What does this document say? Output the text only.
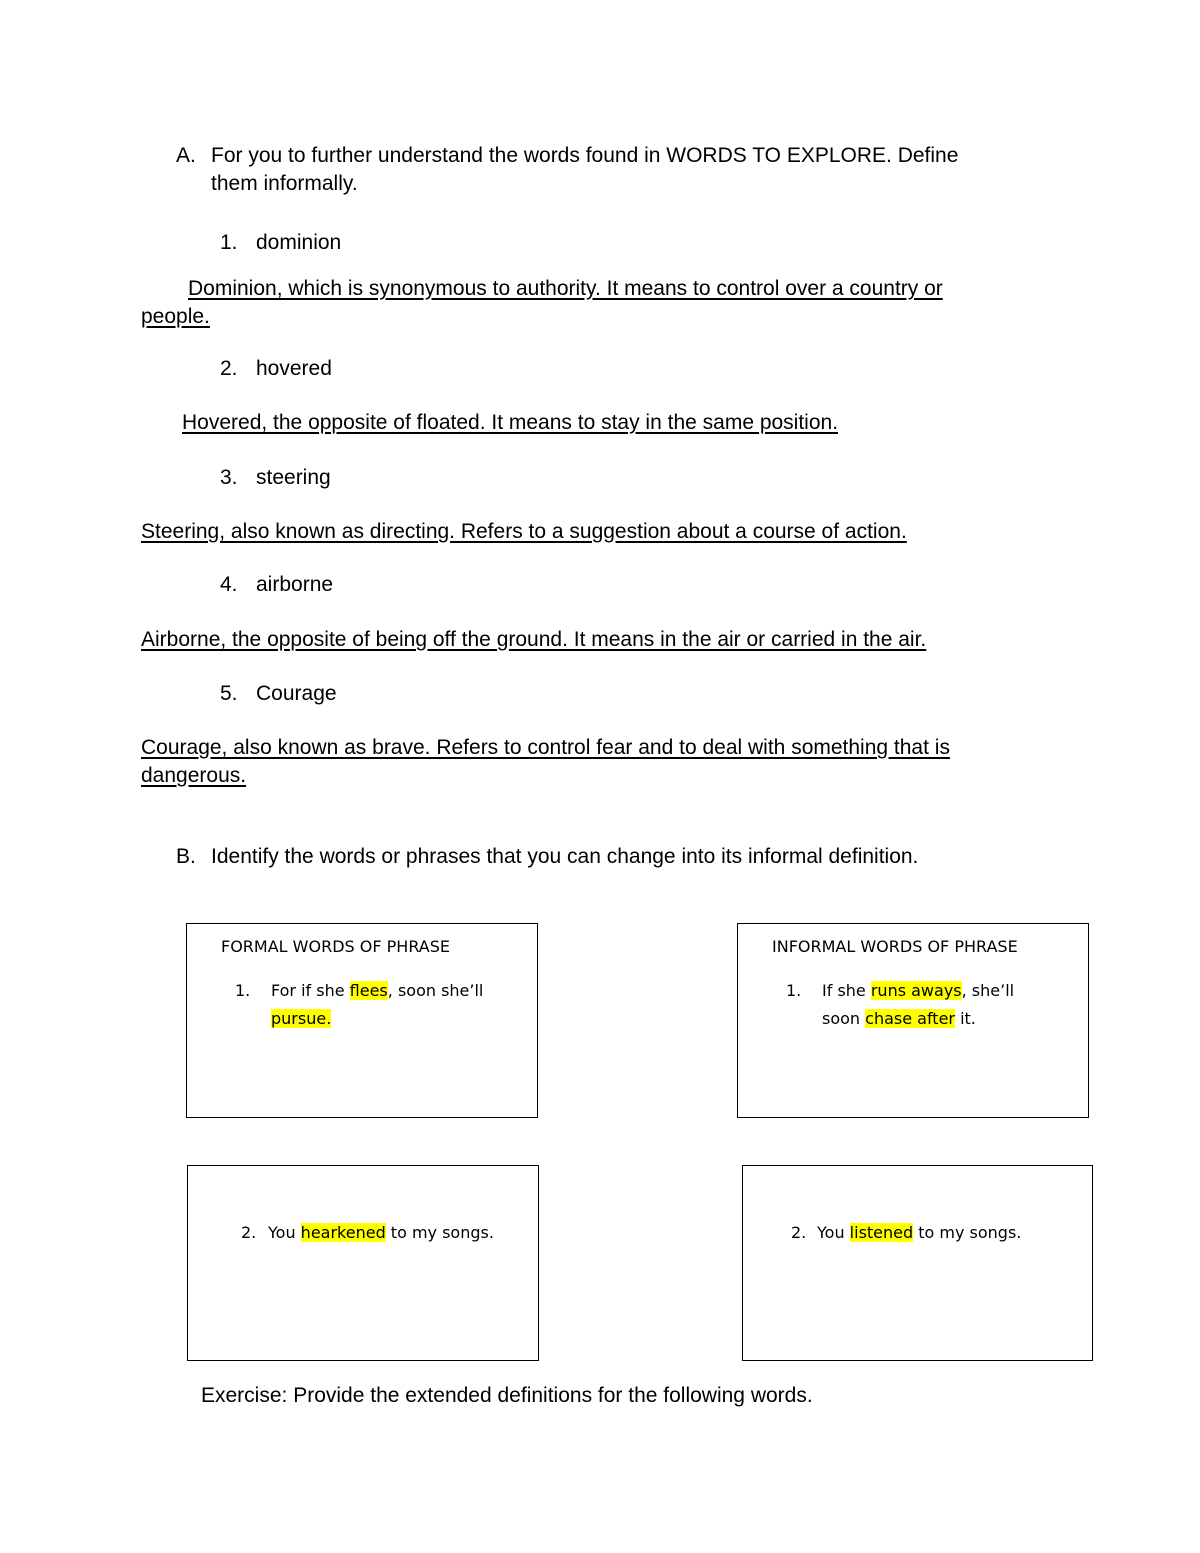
A. For you to further understand the words found in WORDS TO EXPLORE. Define
them informally.
1. dominion
Dominion, which is synonymous to authority. It means to control over a country or
people.
2. hovered
Hovered, the opposite of floated. It means to stay in the same position.
3. steering
Steering, also known as directing. Refers to a suggestion about a course of action.
4. airborne
Airborne, the opposite of being off the ground. It means in the air or carried in the air.
5. Courage
Courage, also known as brave. Refers to control fear and to deal with something that is
dangerous.
B. Identify the words or phrases that you can change into its informal definition.
FORMAL WORDS OF PHRASE
1. For if she flees, soon she’ll
pursue.
INFORMAL WORDS OF PHRASE
1. If she runs aways, she’ll
soon chase after it.
2. You hearkened to my songs.	2. You listened to my songs.
Exercise: Provide the extended definitions for the following words.
